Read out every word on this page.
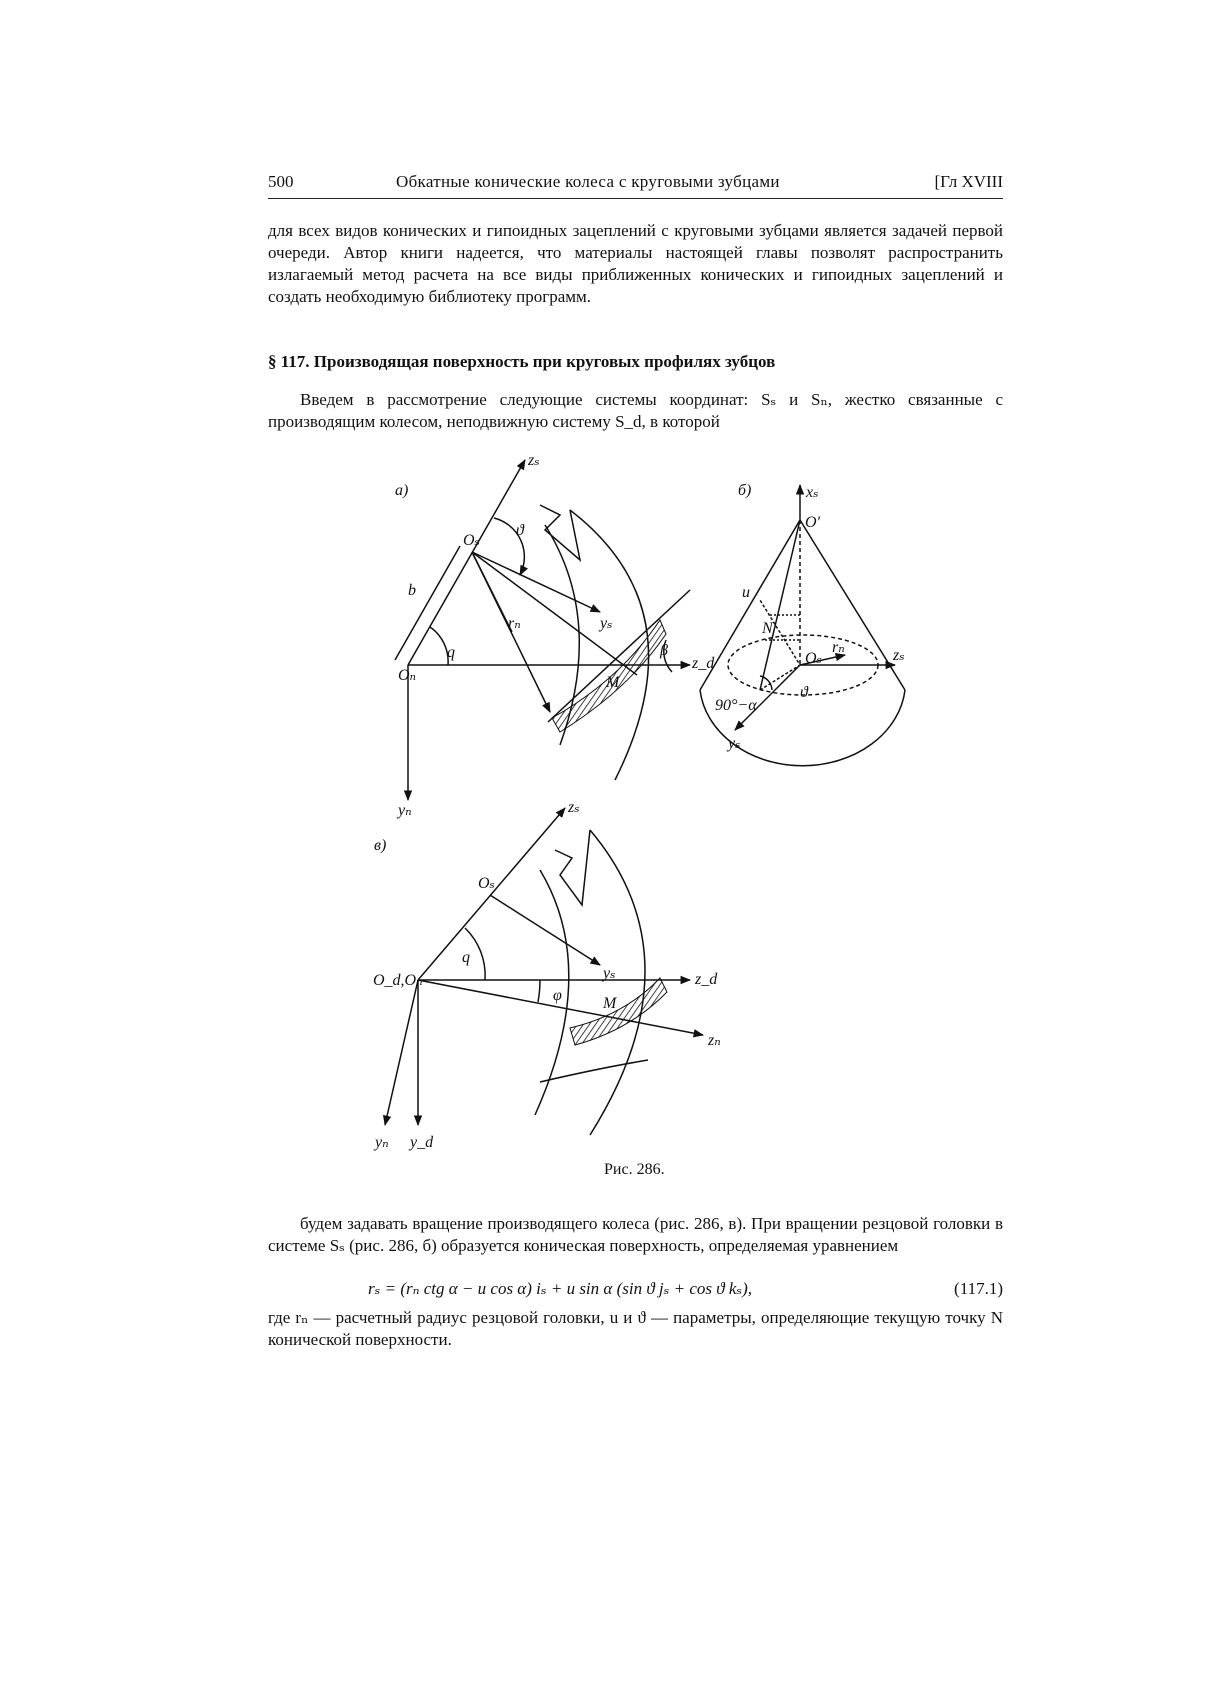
500	Обкатные конические колеса с круговыми зубцами	[Гл XVIII

для всех видов конических и гипоидных зацеплений с круговыми зубцами является задачей первой очереди. Автор книги надеется, что материалы настоящей главы позволят распространить излагаемый метод расчета на все виды приближенных конических и гипоидных зацеплений и создать необходимую библиотеку программ.

§ 117. Производящая поверхность при круговых профилях зубцов

Введем в рассмотрение следующие системы координат: Sₛ и Sₙ, жестко связанные с производящим колесом, неподвижную систему S_d, в которой

а)
zₛ
Oₛ
ϑ
b
q
Oₙ
rₙ	yₛ
M
β
z_d
yₙ
б)	xₛ
O'
u
N
Oₛ
rₙ	zₛ
90°−α
ϑ
yₛ
в)
zₛ
Oₛ
yₛ
q
O_d,Oₙ	z_d
φ	M
zₙ
yₙ y_d
Рис. 286.

будем задавать вращение производящего колеса (рис. 286, в). При вращении резцовой головки в системе Sₛ (рис. 286, б) образуется коническая поверхность, определяемая уравнением

rₛ = (rₙ ctg α − u cos α) iₛ + u sin α (sin ϑ jₛ + cos ϑ kₛ),	(117.1)

где rₙ — расчетный радиус резцовой головки, u и ϑ — параметры, определяющие текущую точку N конической поверхности.
